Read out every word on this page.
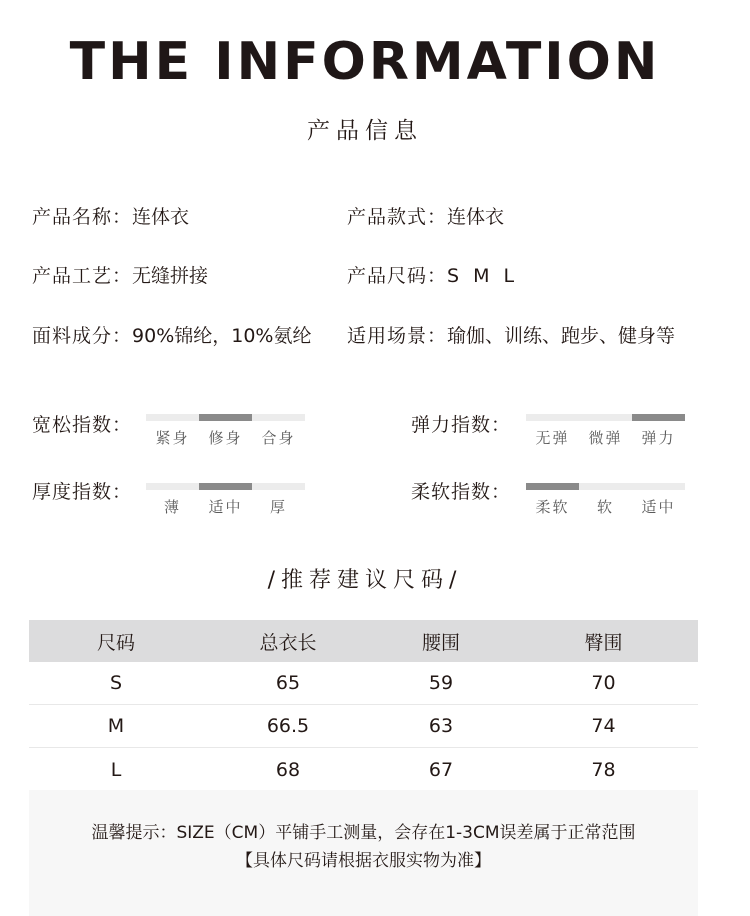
THE INFORMATION
产品信息
产品名称：连体衣	产品款式：连体衣
产品工艺：无缝拼接	产品尺码：S M L
面料成分：90%锦纶，10%氨纶 适用场景：瑜伽、训练、跑步、健身等
宽松指数：
紧身	修身	合身
弹力指数：
无弹	微弹	弹力
厚度指数：
薄	适中	厚
柔软指数：
柔软	软	适中
/推荐建议尺码/
尺码	总衣长	腰围	臀围
S	65	59	70
M	66.5	63	74
L	68	67	78
温馨提示：SIZE（CM）平铺手工测量，会存在1-3CM误差属于正常范围
【具体尺码请根据衣服实物为准】
